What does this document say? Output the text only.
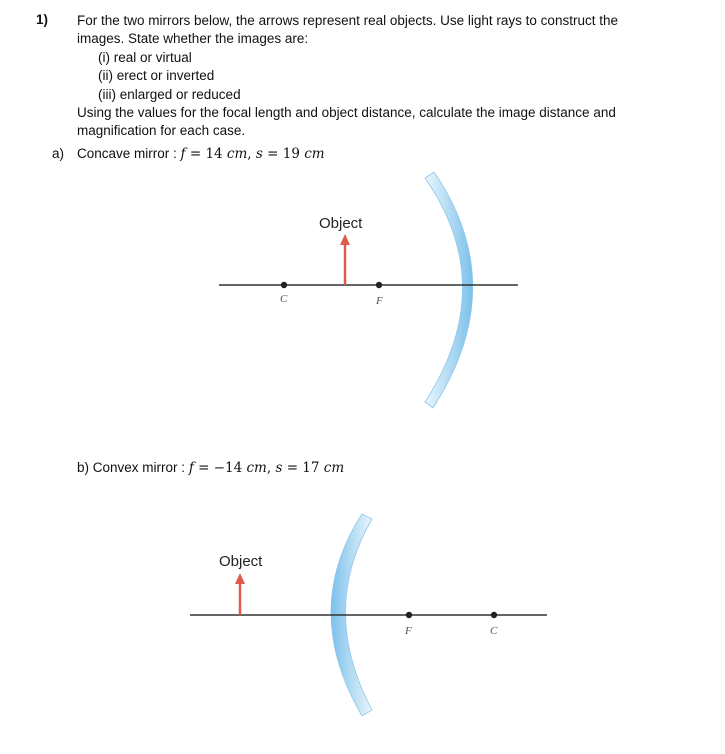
1) For the two mirrors below, the arrows represent real objects. Use light rays to construct the
images. State whether the images are:
(i) real or virtual
(ii) erect or inverted
(iii) enlarged or reduced
Using the values for the focal length and object distance, calculate the image distance and
magnification for each case.
a) Concave mirror : f = 14 cm, s = 19 cm
b) Convex mirror : f = −14 cm, s = 17 cm
C	F
Object
F	C
Object
